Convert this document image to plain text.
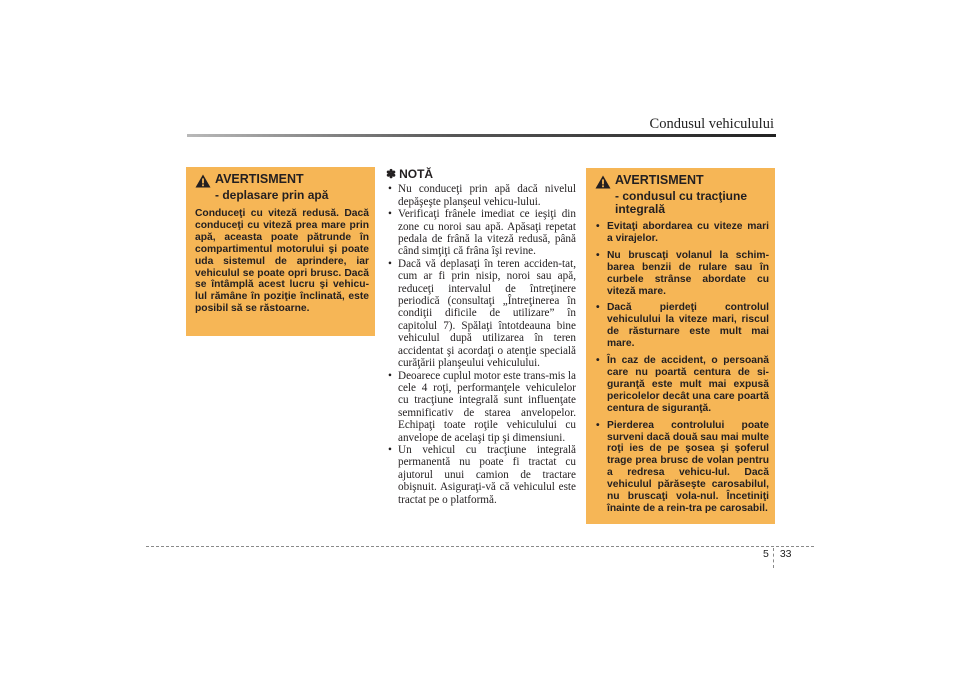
Condusul vehiculului
AVERTISMENT
- deplasare prin apă
Conduceţi cu viteză redusă. Dacă conduceţi cu viteză prea mare prin apă, aceasta poate pătrunde în compartimentul motorului şi poate uda sistemul de aprindere, iar vehiculul se poate opri brusc. Dacă se întâmplă acest lucru şi vehicu-lul rămâne în poziţie înclinată, este posibil să se răstoarne.
✽ NOTĂ
• Nu conduceţi prin apă dacă nivelul depăşeşte planşeul vehicu-lului.
• Verificaţi frânele imediat ce ieşiţi din zone cu noroi sau apă. Apăsaţi repetat pedala de frână la viteză redusă, până când simţiţi că frâna îşi revine.
• Dacă vă deplasaţi în teren acciden-tat, cum ar fi prin nisip, noroi sau apă, reduceţi intervalul de întreţinere periodică (consultaţi „Întreţinerea în condiţii dificile de utilizare” în capitolul 7). Spălaţi întotdeauna bine vehiculul după utilizarea în teren accidentat şi acordaţi o atenţie specială curăţării planşeului vehiculului.
• Deoarece cuplul motor este trans-mis la cele 4 roţi, performanţele vehiculelor cu tracţiune integrală sunt influenţate semnificativ de starea anvelopelor. Echipaţi toate roţile vehiculului cu anvelope de acelaşi tip şi dimensiuni.
• Un vehicul cu tracţiune integrală permanentă nu poate fi tractat cu ajutorul unui camion de tractare obişnuit. Asiguraţi-vă că vehiculul este tractat pe o platformă.
AVERTISMENT
- condusul cu tracţiune integrală
• Evitaţi abordarea cu viteze mari a virajelor.
• Nu bruscaţi volanul la schim-barea benzii de rulare sau în curbele strânse abordate cu viteză mare.
• Dacă pierdeţi controlul vehiculului la viteze mari, riscul de răsturnare este mult mai mare.
• În caz de accident, o persoană care nu poartă centura de si-guranţă este mult mai expusă pericolelor decât una care poartă centura de siguranţă.
• Pierderea controlului poate surveni dacă două sau mai multe roţi ies de pe şosea şi şoferul trage prea brusc de volan pentru a redresa vehicu-lul. Dacă vehiculul părăseşte carosabilul, nu bruscaţi vola-nul. Încetiniţi înainte de a rein-tra pe carosabil.
5 33
